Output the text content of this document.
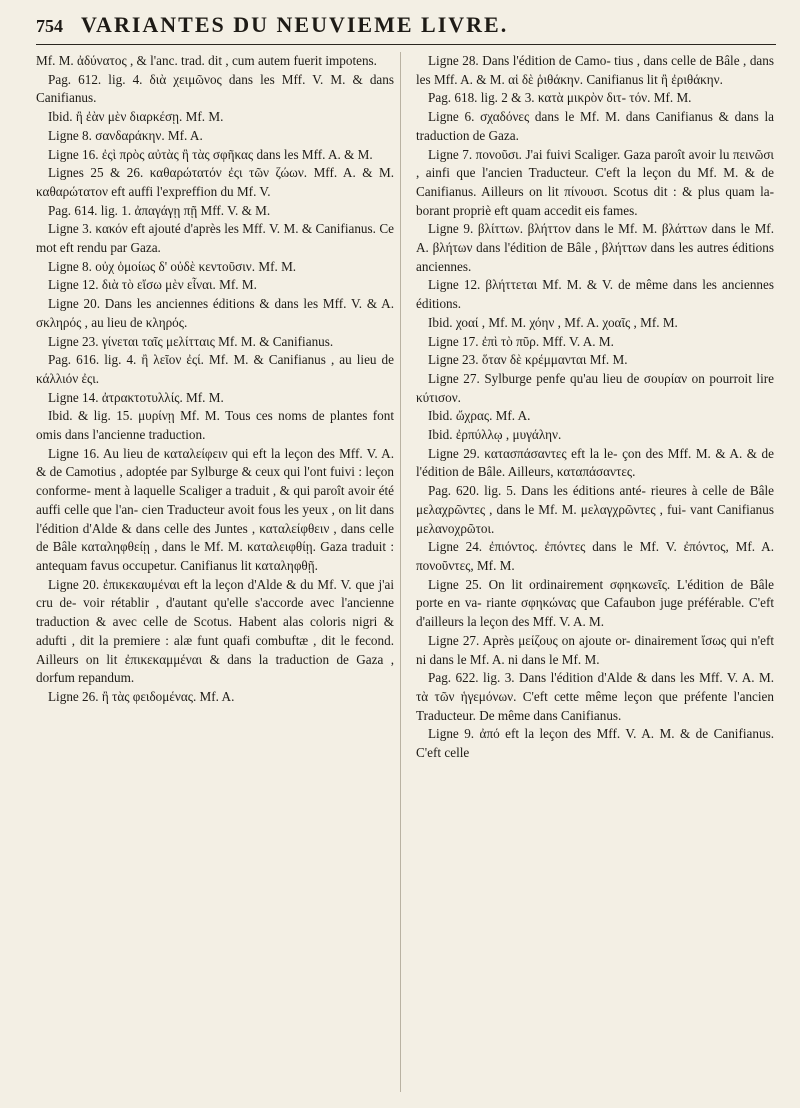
754 VARIANTES DU NEUVIEME LIVRE.

Mf. M. ἀδύνατος , & l'anc. trad. dit , cum autem fuerit impotens.

Pag. 612. lig. 4. διὰ χειμῶνος dans les Mff. V. M. & dans Canifianus.

Ibid. ἢ ἐὰν μὲν διαρκέσῃ. Mf. M.

Ligne 8. σανδαράκην. Mf. A.

Ligne 16. ἐςὶ πρὸς αὐτὰς ἢ τὰς σφῆκας dans les Mff. A. & M.

Lignes 25 & 26. καθαρώτατόν ἐςι τῶν ζώων. Mff. A. & M. καθαρώτατον eft auffi l'expreffion du Mf. V.

Pag. 614. lig. 1. ἀπαγάγῃ πῇ Mff. V. & M.

Ligne 3. κακόν eft ajouté d'après les Mff. V. M. & Canifianus. Ce mot eft rendu par Gaza.

Ligne 8. οὐχ ὁμοίως δ' οὐδὲ κεντοῦσιν. Mf. M.

Ligne 12. διὰ τὸ εἴσω μὲν εἶναι. Mf. M.

Ligne 20. Dans les anciennes éditions & dans les Mff. V. & A. σκληρός , au lieu de κληρός.

Ligne 23. γίνεται ταῖς μελίτταις Mf. M. & Canifianus.

Pag. 616. lig. 4. ἢ λεῖον ἐςί. Mf. M. & Canifianus , au lieu de κάλλιόν ἐςι.

Ligne 14. ἀτρακτοτυλλίς. Mf. M.

Ibid. & lig. 15. μυρίνῃ Mf. M. Tous ces noms de plantes font omis dans l'ancienne traduction.

Ligne 16. Au lieu de καταλείφειν qui eft la leçon des Mff. V. A. & de Camotius , adoptée par Sylburge & ceux qui l'ont fuivi : leçon conforme- ment à laquelle Scaliger a traduit , & qui paroît avoir été auffi celle que l'an- cien Traducteur avoit fous les yeux , on lit dans l'édition d'Alde & dans celle des Juntes , καταλείφθειν , dans celle de Bâle καταληφθείῃ , dans le Mf. M. καταλειφθίῃ. Gaza traduit : antequam favus occupetur. Canifianus lit καταληφθῇ.

Ligne 20. ἐπικεκαυμέναι eft la leçon d'Alde & du Mf. V. que j'ai cru de- voir rétablir , d'autant qu'elle s'accorde avec l'ancienne traduction & avec celle de Scotus. Habent alas coloris nigri & adufti , dit la premiere : alæ funt quafi combuftæ , dit le fecond. Ailleurs on lit ἐπικεκαμμέναι & dans la traduction de Gaza , dorfum repandum.

Ligne 26. ἢ τὰς φειδομένας. Mf. A.

Ligne 28. Dans l'édition de Camo- tius , dans celle de Bâle , dans les Mff. A. & M. αἱ δὲ ῥιθάκην. Canifianus lit ἢ ἐριθάκην.

Pag. 618. lig. 2 & 3. κατὰ μικρὸν διτ- τόν. Mf. M.

Ligne 6. σχαδόνες dans le Mf. M. dans Canifianus & dans la traduction de Gaza.

Ligne 7. πονοῦσι. J'ai fuivi Scaliger. Gaza paroît avoir lu πεινῶσι , ainfi que l'ancien Traducteur. C'eft la leçon du Mf. M. & de Canifianus. Ailleurs on lit πίνουσι. Scotus dit : & plus quam la- borant propriè eft quam accedit eis fames.

Ligne 9. βλίττων. βλήττον dans le Mf. M. βλάττων dans le Mf. A. βλήτων dans l'édition de Bâle , βλήττων dans les autres éditions anciennes.

Ligne 12. βλήττεται Mf. M. & V. de même dans les anciennes éditions.

Ibid. χοαί , Mf. M. χόην , Mf. A. χοαῖς , Mf. M.

Ligne 17. ἐπὶ τὸ πῦρ. Mff. V. A. M.

Ligne 23. ὅταν δὲ κρέμμανται Mf. M.

Ligne 27. Sylburge penfe qu'au lieu de σουρίαν on pourroit lire κύτισον.

Ibid. ὤχρας. Mf. A.

Ibid. ἐρπύλλῳ , μυγάλην.

Ligne 29. κατασπάσαντες eft la le- çon des Mff. M. & A. & de l'édition de Bâle. Ailleurs, καταπάσαντες.

Pag. 620. lig. 5. Dans les éditions anté- rieures à celle de Bâle μελαχρῶντες , dans le Mf. M. μελαγχρῶντες , fui- vant Canifianus μελανοχρῶτοι.

Ligne 24. ἐπιόντος. ἐπόντες dans le Mf. V. ἐπόντος, Mf. A. πονοῦντες, Mf. M.

Ligne 25. On lit ordinairement σφηκωνεῖς. L'édition de Bâle porte en va- riante σφηκώνας que Cafaubon juge préférable. C'eft d'ailleurs la leçon des Mff. V. A. M.

Ligne 27. Après μείζους on ajoute or- dinairement ἴσως qui n'eft ni dans le Mf. A. ni dans le Mf. M.

Pag. 622. lig. 3. Dans l'édition d'Alde & dans les Mff. V. A. M. τὰ τῶν ἡγεμόνων. C'eft cette même leçon que préfente l'ancien Traducteur. De même dans Canifianus.

Ligne 9. ἀπό eft la leçon des Mff. V. A. M. & de Canifianus. C'eft celle
